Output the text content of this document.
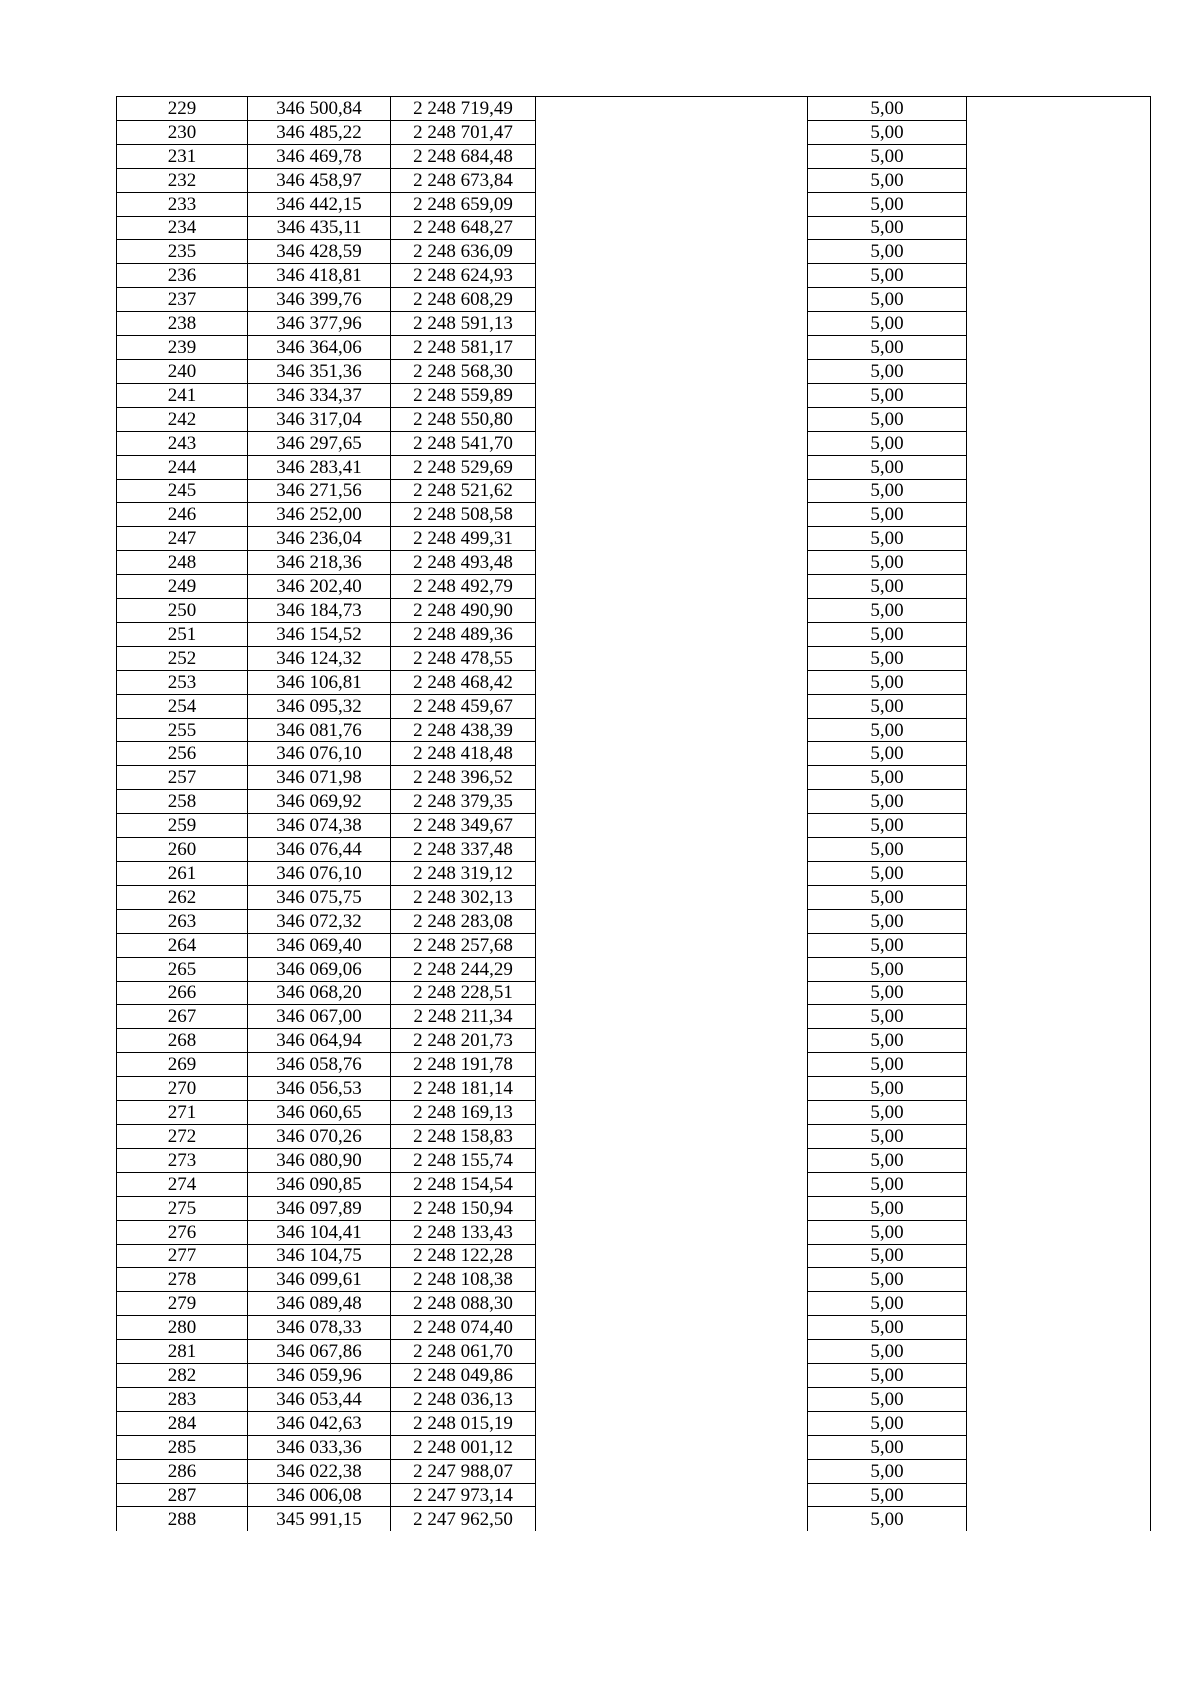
229	346 500,84	2 248 719,49		5,00	
230	346 485,22	2 248 701,47		5,00	
231	346 469,78	2 248 684,48		5,00	
232	346 458,97	2 248 673,84		5,00	
233	346 442,15	2 248 659,09		5,00	
234	346 435,11	2 248 648,27		5,00	
235	346 428,59	2 248 636,09		5,00	
236	346 418,81	2 248 624,93		5,00	
237	346 399,76	2 248 608,29		5,00	
238	346 377,96	2 248 591,13		5,00	
239	346 364,06	2 248 581,17		5,00	
240	346 351,36	2 248 568,30		5,00	
241	346 334,37	2 248 559,89		5,00	
242	346 317,04	2 248 550,80		5,00	
243	346 297,65	2 248 541,70		5,00	
244	346 283,41	2 248 529,69		5,00	
245	346 271,56	2 248 521,62		5,00	
246	346 252,00	2 248 508,58		5,00	
247	346 236,04	2 248 499,31		5,00	
248	346 218,36	2 248 493,48		5,00	
249	346 202,40	2 248 492,79		5,00	
250	346 184,73	2 248 490,90		5,00	
251	346 154,52	2 248 489,36		5,00	
252	346 124,32	2 248 478,55		5,00	
253	346 106,81	2 248 468,42		5,00	
254	346 095,32	2 248 459,67		5,00	
255	346 081,76	2 248 438,39		5,00	
256	346 076,10	2 248 418,48		5,00	
257	346 071,98	2 248 396,52		5,00	
258	346 069,92	2 248 379,35		5,00	
259	346 074,38	2 248 349,67		5,00	
260	346 076,44	2 248 337,48		5,00	
261	346 076,10	2 248 319,12		5,00	
262	346 075,75	2 248 302,13		5,00	
263	346 072,32	2 248 283,08		5,00	
264	346 069,40	2 248 257,68		5,00	
265	346 069,06	2 248 244,29		5,00	
266	346 068,20	2 248 228,51		5,00	
267	346 067,00	2 248 211,34		5,00	
268	346 064,94	2 248 201,73		5,00	
269	346 058,76	2 248 191,78		5,00	
270	346 056,53	2 248 181,14		5,00	
271	346 060,65	2 248 169,13		5,00	
272	346 070,26	2 248 158,83		5,00	
273	346 080,90	2 248 155,74		5,00	
274	346 090,85	2 248 154,54		5,00	
275	346 097,89	2 248 150,94		5,00	
276	346 104,41	2 248 133,43		5,00	
277	346 104,75	2 248 122,28		5,00	
278	346 099,61	2 248 108,38		5,00	
279	346 089,48	2 248 088,30		5,00	
280	346 078,33	2 248 074,40		5,00	
281	346 067,86	2 248 061,70		5,00	
282	346 059,96	2 248 049,86		5,00	
283	346 053,44	2 248 036,13		5,00	
284	346 042,63	2 248 015,19		5,00	
285	346 033,36	2 248 001,12		5,00	
286	346 022,38	2 247 988,07		5,00	
287	346 006,08	2 247 973,14		5,00	
288	345 991,15	2 247 962,50		5,00	
